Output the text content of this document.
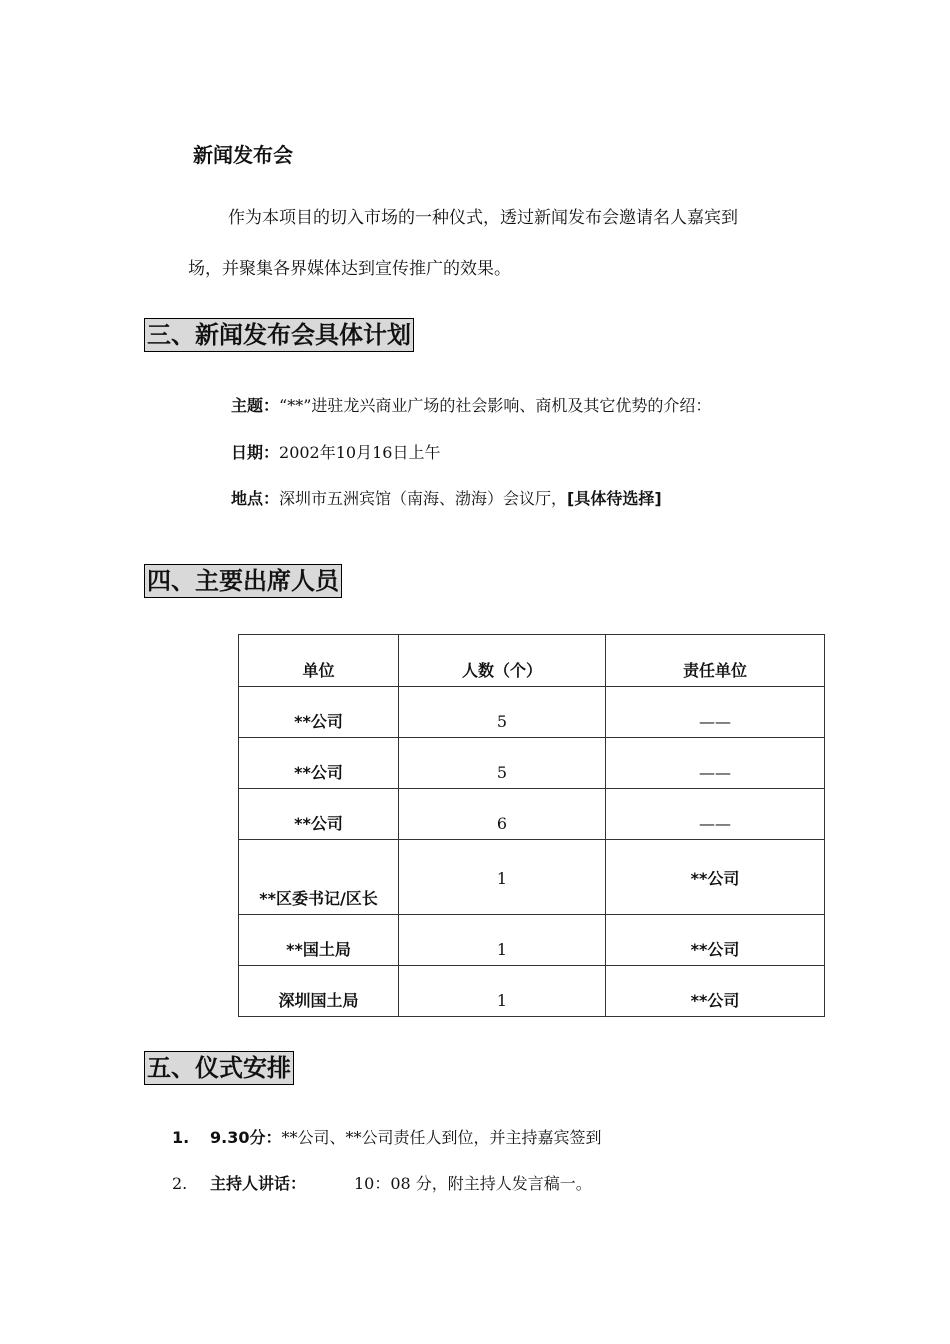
新闻发布会
作为本项目的切入市场的一种仪式，透过新闻发布会邀请名人嘉宾到
场，并聚集各界媒体达到宣传推广的效果。
三、新闻发布会具体计划
主题：“**”进驻龙兴商业广场的社会影响、商机及其它优势的介绍：
日期：2002年10月16日上午
地点：深圳市五洲宾馆（南海、渤海）会议厅，[具体待选择]
四、主要出席人员
单位	人数（个）	责任单位
**公司	5	——
**公司	5	——
**公司	6	——
**区委书记/区长	1	**公司
**国土局	1	**公司
深圳国土局	1	**公司
五、仪式安排
1. 9.30分：**公司、**公司责任人到位，并主持嘉宾签到
2. 主持人讲话：	10：08 分，附主持人发言稿一。
